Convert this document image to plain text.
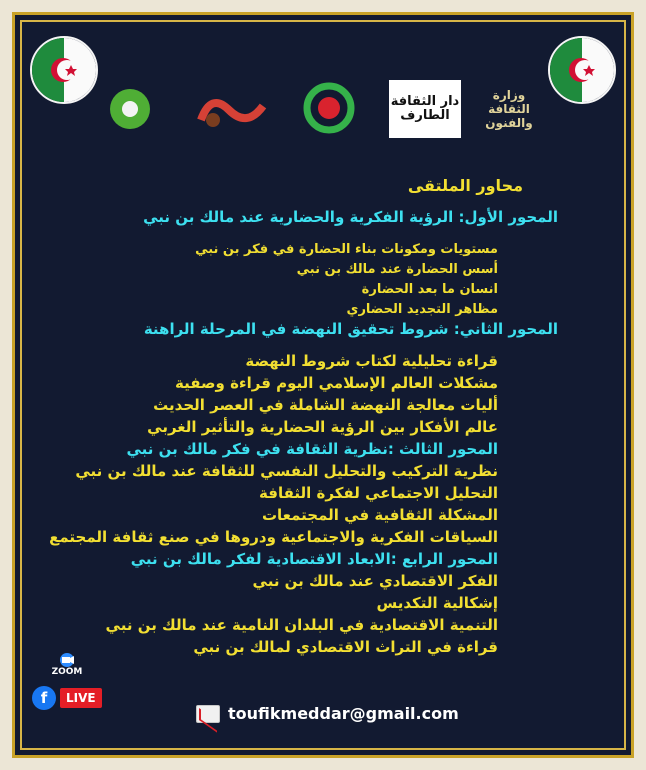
دار الثقافة الطارف
وزارة الثقافة والفنون
محاور الملتقى
المحور الأول: الرؤية الفكرية والحضارية عند مالك بن نبي
مستويات ومكونات بناء الحضارة في فكر بن نبي
أسس الحضارة عند مالك بن نبي
انسان ما بعد الحضارة
مظاهر التجديد الحضاري
المحور الثاني: شروط تحقيق النهضة في المرحلة الراهنة
قراءة تحليلية لكتاب شروط النهضة
مشكلات العالم الإسلامي اليوم قراءة وصفية
أليات معالجة النهضة الشاملة في العصر الحديث
عالم الأفكار بين الرؤية الحضارية والتأثير الغربي
المحور الثالث :نظرية الثقافة في فكر مالك بن نبي
نظرية التركيب والتحليل النفسي للثقافة عند مالك بن نبي
التحليل الاجتماعي لفكرة الثقافة
المشكلة الثقافية في المجتمعات
السياقات الفكرية والاجتماعية ودروها في صنع ثقافة المجتمع
المحور الرابع :الابعاد الاقتصادية لفكر مالك بن نبي
الفكر الاقتصادي عند مالك بن نبي
إشكالية التكديس
التنمية الاقتصادية في البلدان النامية عند مالك بن نبي
قراءة في التراث الاقتصادي لمالك بن نبي
ZOOM
f	LIVE
toufikmeddar@gmail.com
